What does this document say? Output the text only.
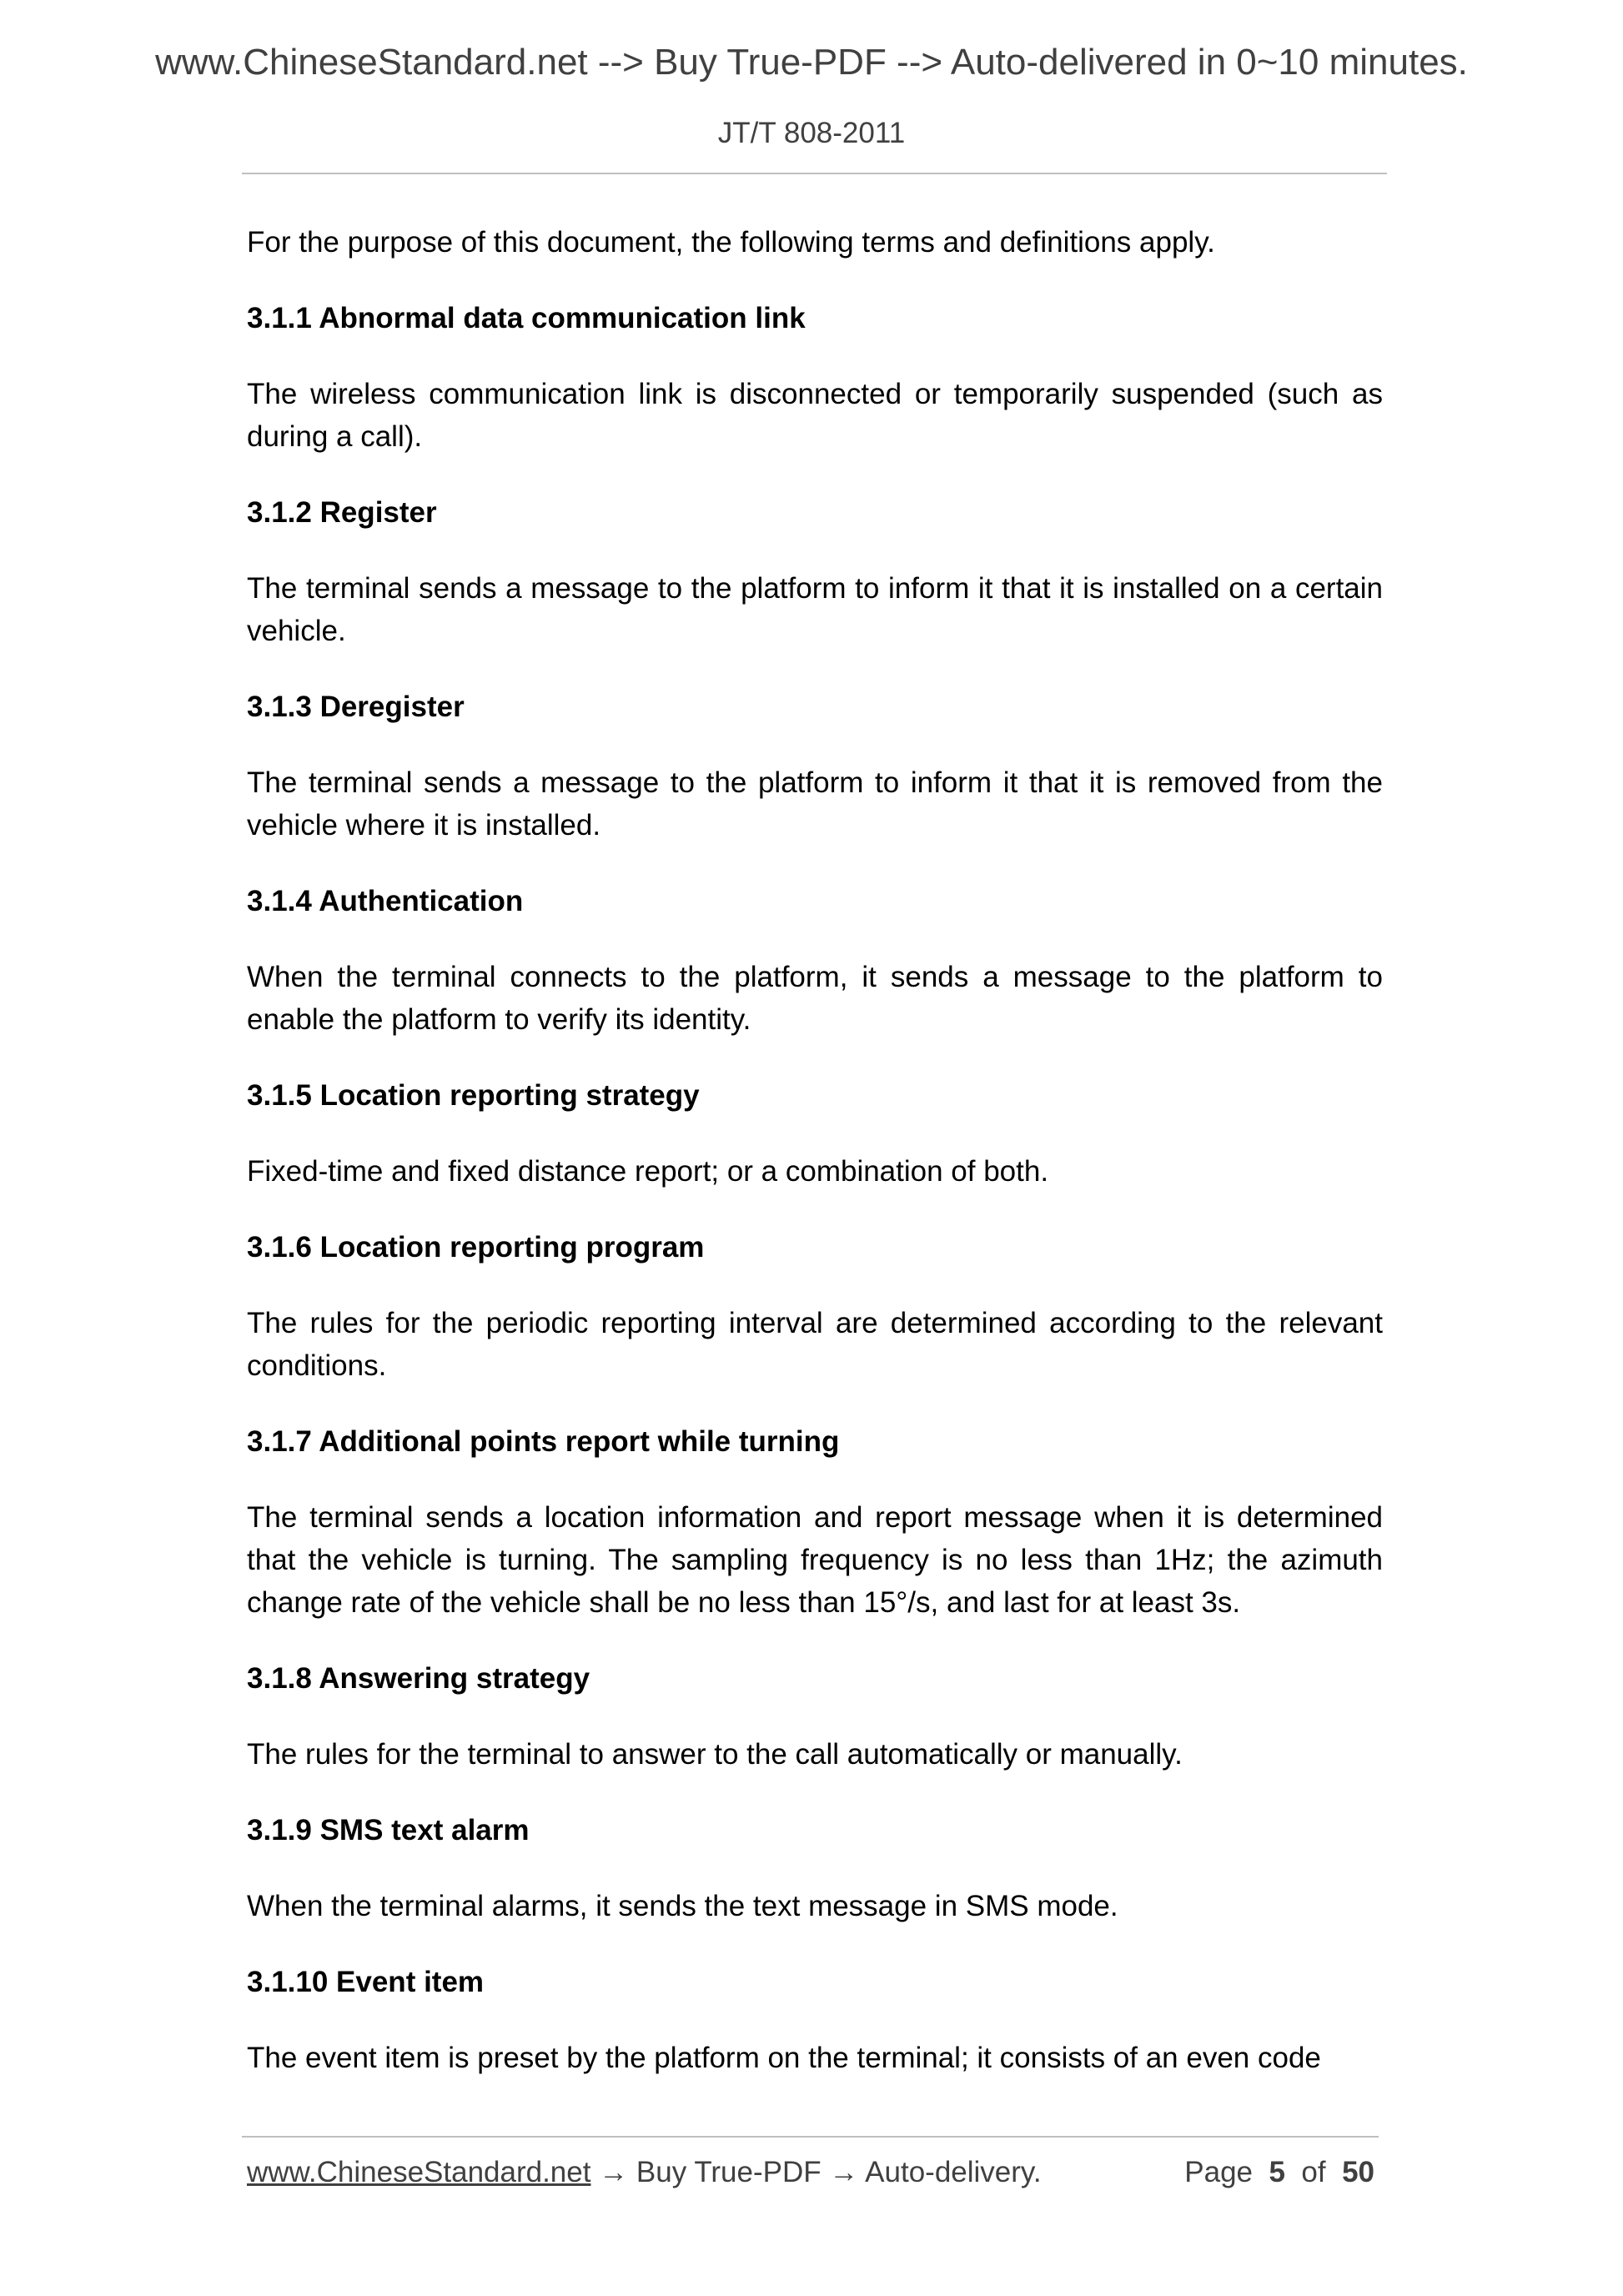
www.ChineseStandard.net --> Buy True-PDF --> Auto-delivered in 0~10 minutes.
JT/T 808-2011

For the purpose of this document, the following terms and definitions apply.

3.1.1 Abnormal data communication link

The wireless communication link is disconnected or temporarily suspended (such as during a call).

3.1.2 Register

The terminal sends a message to the platform to inform it that it is installed on a certain vehicle.

3.1.3 Deregister

The terminal sends a message to the platform to inform it that it is removed from the vehicle where it is installed.

3.1.4 Authentication

When the terminal connects to the platform, it sends a message to the platform to enable the platform to verify its identity.

3.1.5 Location reporting strategy

Fixed-time and fixed distance report; or a combination of both.

3.1.6 Location reporting program

The rules for the periodic reporting interval are determined according to the relevant conditions.

3.1.7 Additional points report while turning

The terminal sends a location information and report message when it is determined that the vehicle is turning. The sampling frequency is no less than 1Hz; the azimuth change rate of the vehicle shall be no less than 15°/s, and last for at least 3s.

3.1.8 Answering strategy

The rules for the terminal to answer to the call automatically or manually.

3.1.9 SMS text alarm

When the terminal alarms, it sends the text message in SMS mode.

3.1.10 Event item

The event item is preset by the platform on the terminal; it consists of an even code

www.ChineseStandard.net → Buy True-PDF → Auto-delivery.	Page 5 of 50
